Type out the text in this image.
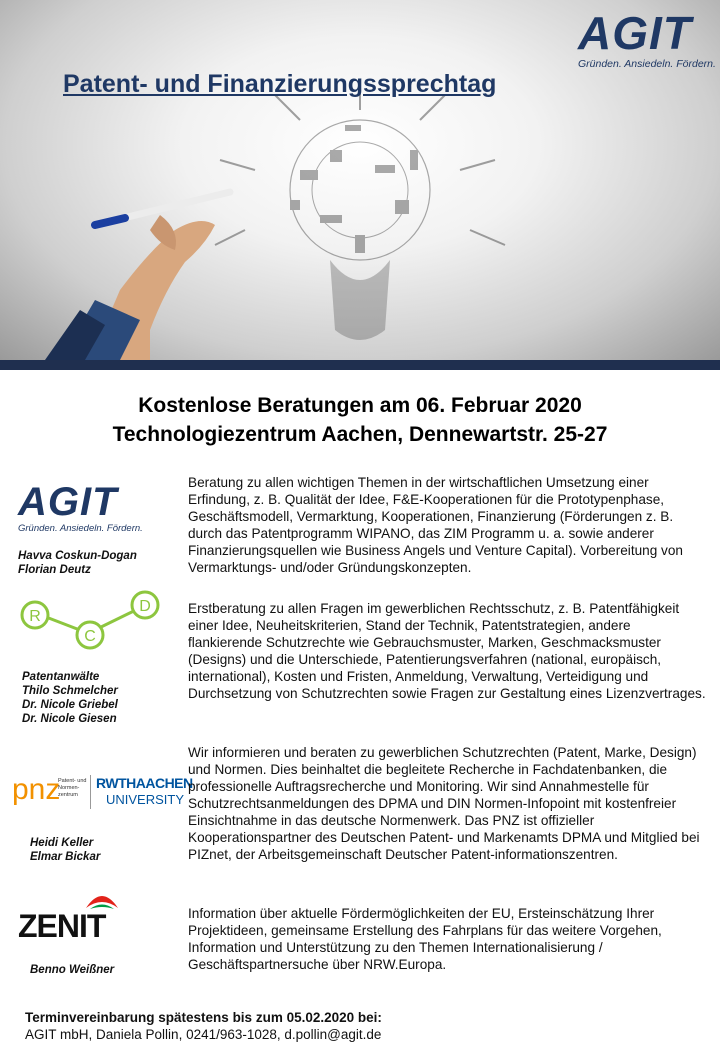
Patent- und Finanzierungssprechtag
AGIT
Gründen. Ansiedeln. Fördern.
Kostenlose Beratungen am 06. Februar 2020
Technologiezentrum Aachen, Dennewartstr. 25-27
AGIT
Gründen. Ansiedeln. Fördern.
Havva Coskun-Dogan
Florian Deutz
Beratung zu allen wichtigen Themen in der wirtschaftlichen Umsetzung einer Erfindung, z. B. Qualität der Idee, F&E-Kooperationen für die Prototypenphase, Geschäftsmodell, Vermarktung, Kooperationen, Finanzierung (Förderungen z. B. durch das Patentprogramm WIPANO, das ZIM Programm u. a. sowie anderer Finanzierungsquellen wie Business Angels und Venture Capital). Vorbereitung von Vermarktungs- und/oder Gründungskonzepten.
R
C
D
Patentanwälte
Thilo Schmelcher
Dr. Nicole Griebel
Dr. Nicole Giesen
Erstberatung zu allen Fragen im gewerblichen Rechtsschutz, z. B. Patentfähigkeit einer Idee, Neuheitskriterien, Stand der Technik, Patentstrategien, andere flankierende Schutzrechte wie Gebrauchsmuster, Marken, Geschmacksmuster (Designs) und die Unterschiede, Patentierungsverfahren (national, europäisch, international), Kosten und Fristen, Anmeldung, Verwaltung, Verteidigung und Durchsetzung von Schutzrechten sowie Fragen zur Gestaltung eines Lizenzvertrages.
pnz
Patent- und
Normen-
zentrum
RWTHAACHEN
UNIVERSITY
Heidi Keller
Elmar Bickar
Wir informieren und beraten zu gewerblichen Schutzrechten (Patent, Marke, Design) und Normen. Dies beinhaltet die begleitete Recherche in Fachdatenbanken, die professionelle Auftragsrecherche und Monitoring. Wir sind Annahmestelle für Schutzrechtsanmeldungen des DPMA und DIN Normen-Infopoint mit kostenfreier Einsichtnahme in das deutsche Normenwerk. Das PNZ ist offizieller Kooperationspartner des Deutschen Patent- und Markenamts DPMA und Mitglied bei PIZnet, der Arbeitsgemeinschaft Deutscher Patent-informationszentren.
ZENIT
Benno Weißner
Information über aktuelle Fördermöglichkeiten der EU, Ersteinschätzung Ihrer Projektideen, gemeinsame Erstellung des Fahrplans für das weitere Vorgehen, Information und Unterstützung zu den Themen Internationalisierung / Geschäftspartnersuche über NRW.Europa.
Terminvereinbarung spätestens bis zum 05.02.2020 bei:
AGIT mbH, Daniela Pollin, 0241/963-1028, d.pollin@agit.de
